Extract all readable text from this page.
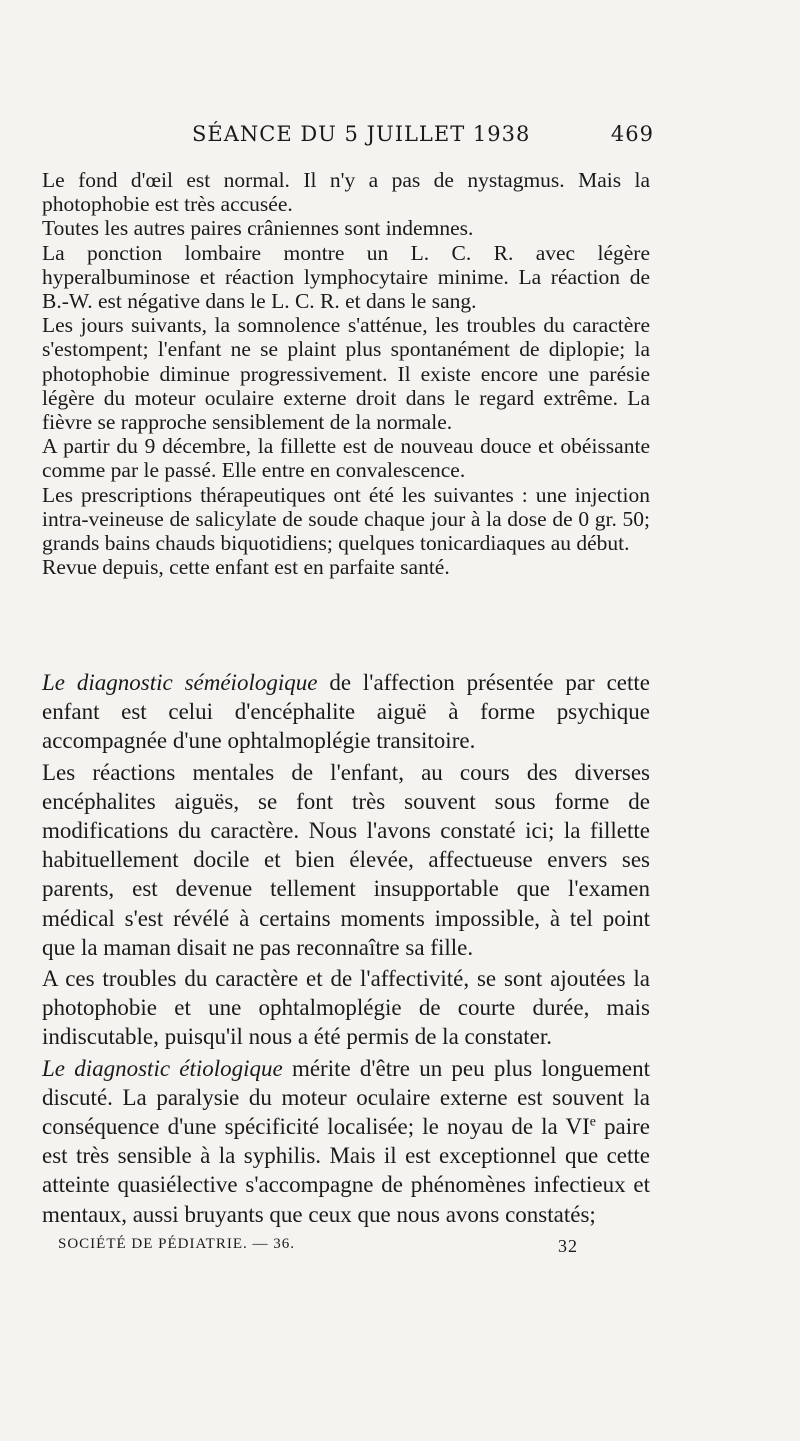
SÉANCE DU 5 JUILLET 1938	469

Le fond d'œil est normal. Il n'y a pas de nystagmus. Mais la photophobie est très accusée.

Toutes les autres paires crâniennes sont indemnes.

La ponction lombaire montre un L. C. R. avec légère hyperalbuminose et réaction lymphocytaire minime. La réaction de B.-W. est négative dans le L. C. R. et dans le sang.

Les jours suivants, la somnolence s'atténue, les troubles du caractère s'estompent; l'enfant ne se plaint plus spontanément de diplopie; la photophobie diminue progressivement. Il existe encore une parésie légère du moteur oculaire externe droit dans le regard extrême. La fièvre se rapproche sensiblement de la normale.

A partir du 9 décembre, la fillette est de nouveau douce et obéissante comme par le passé. Elle entre en convalescence.

Les prescriptions thérapeutiques ont été les suivantes : une injection intra-veineuse de salicylate de soude chaque jour à la dose de 0 gr. 50; grands bains chauds biquotidiens; quelques tonicardiaques au début.

Revue depuis, cette enfant est en parfaite santé.

Le diagnostic séméiologique de l'affection présentée par cette enfant est celui d'encéphalite aiguë à forme psychique accompagnée d'une ophtalmoplégie transitoire.

Les réactions mentales de l'enfant, au cours des diverses encéphalites aiguës, se font très souvent sous forme de modifications du caractère. Nous l'avons constaté ici; la fillette habituellement docile et bien élevée, affectueuse envers ses parents, est devenue tellement insupportable que l'examen médical s'est révélé à certains moments impossible, à tel point que la maman disait ne pas reconnaître sa fille.

A ces troubles du caractère et de l'affectivité, se sont ajoutées la photophobie et une ophtalmoplégie de courte durée, mais indiscutable, puisqu'il nous a été permis de la constater.

Le diagnostic étiologique mérite d'être un peu plus longuement discuté. La paralysie du moteur oculaire externe est souvent la conséquence d'une spécificité localisée; le noyau de la VIe paire est très sensible à la syphilis. Mais il est exceptionnel que cette atteinte quasiélective s'accompagne de phénomènes infectieux et mentaux, aussi bruyants que ceux que nous avons constatés;

SOCIÉTÉ DE PÉDIATRIE. — 36.	32
